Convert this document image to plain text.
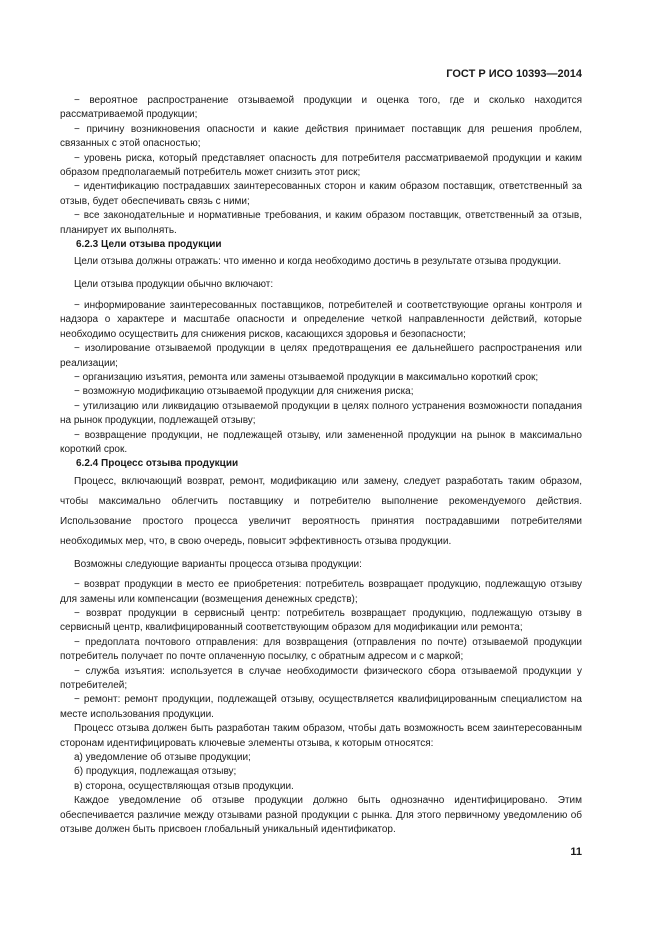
ГОСТ Р ИСО 10393—2014

− вероятное распространение отзываемой продукции и оценка того, где и сколько находится рассматриваемой продукции;

− причину возникновения опасности и какие действия принимает поставщик для решения проблем, связанных с этой опасностью;

− уровень риска, который представляет опасность для потребителя рассматриваемой продукции и каким образом предполагаемый потребитель может снизить этот риск;

− идентификацию пострадавших заинтересованных сторон и каким образом поставщик, ответственный за отзыв, будет обеспечивать связь с ними;

− все законодательные и нормативные требования, и каким образом поставщик, ответственный за отзыв, планирует их выполнять.

6.2.3 Цели отзыва продукции

Цели отзыва должны отражать: что именно и когда необходимо достичь в результате отзыва продукции.

Цели отзыва продукции обычно включают:

− информирование заинтересованных поставщиков, потребителей и соответствующие органы контроля и надзора о характере и масштабе опасности и определение четкой направленности действий, которые необходимо осуществить для снижения рисков, касающихся здоровья и безопасности;

− изолирование отзываемой продукции в целях предотвращения ее дальнейшего распространения или реализации;

− организацию изъятия, ремонта или замены отзываемой продукции в максимально короткий срок;

− возможную модификацию отзываемой продукции для снижения риска;

− утилизацию или ликвидацию отзываемой продукции в целях полного устранения возможности попадания на рынок продукции, подлежащей отзыву;

− возвращение продукции, не подлежащей отзыву, или замененной продукции на рынок в максимально короткий срок.

6.2.4 Процесс отзыва продукции

Процесс, включающий возврат, ремонт, модификацию или замену, следует разработать таким образом, чтобы максимально облегчить поставщику и потребителю выполнение рекомендуемого действия. Использование простого процесса увеличит вероятность принятия пострадавшими потребителями необходимых мер, что, в свою очередь, повысит эффективность отзыва продукции.

Возможны следующие варианты процесса отзыва продукции:

− возврат продукции в место ее приобретения: потребитель возвращает продукцию, подлежащую отзыву для замены или компенсации (возмещения денежных средств);

− возврат продукции в сервисный центр: потребитель возвращает продукцию, подлежащую отзыву в сервисный центр, квалифицированный соответствующим образом для модификации или ремонта;

− предоплата почтового отправления: для возвращения (отправления по почте) отзываемой продукции потребитель получает по почте оплаченную посылку, с обратным адресом и с маркой;

− служба изъятия: используется в случае необходимости физического сбора отзываемой продукции у потребителей;

− ремонт: ремонт продукции, подлежащей отзыву, осуществляется квалифицированным специалистом на месте использования продукции.

Процесс отзыва должен быть разработан таким образом, чтобы дать возможность всем заинтересованным сторонам идентифицировать ключевые элементы отзыва, к которым относятся:

а) уведомление об отзыве продукции;

б) продукция, подлежащая отзыву;

в) сторона, осуществляющая отзыв продукции.

Каждое уведомление об отзыве продукции должно быть однозначно идентифицировано. Этим обеспечивается различие между отзывами разной продукции с рынка. Для этого первичному уведомлению об отзыве должен быть присвоен глобальный уникальный идентификатор.

11
